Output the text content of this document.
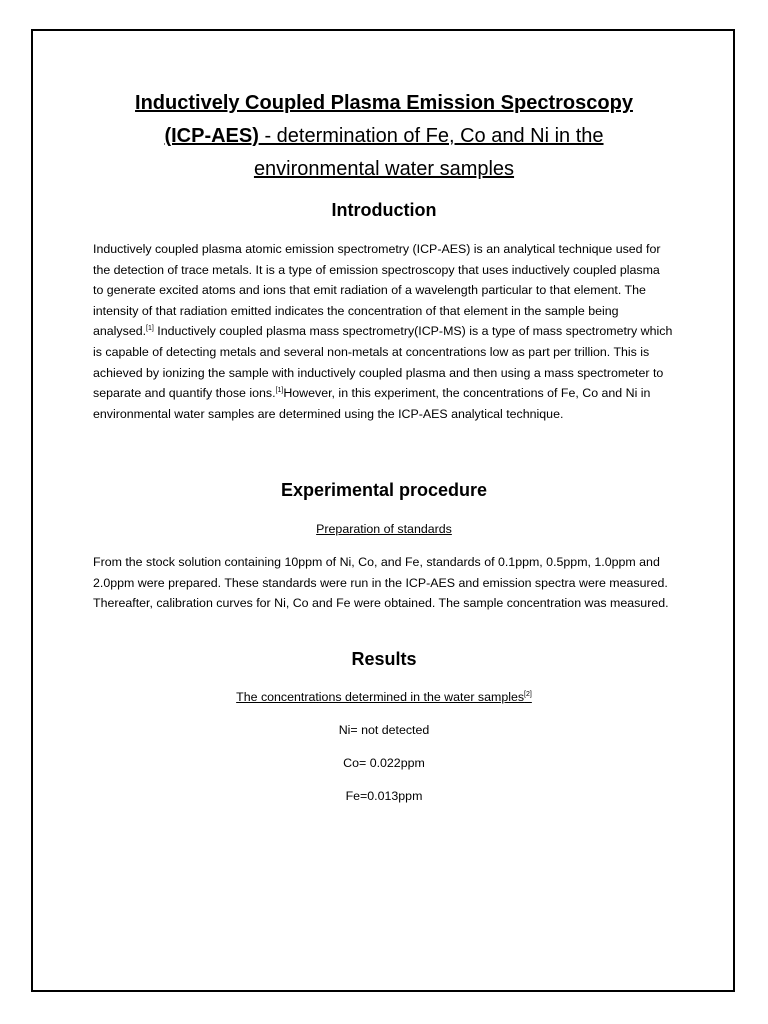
Inductively Coupled Plasma Emission Spectroscopy
(ICP-AES) - determination of Fe, Co and Ni in the
environmental water samples
Introduction

Inductively coupled plasma atomic emission spectrometry (ICP-AES) is an analytical technique used for the detection of trace metals. It is a type of emission spectroscopy that uses inductively coupled plasma to generate excited atoms and ions that emit radiation of a wavelength particular to that element. The intensity of that radiation emitted indicates the concentration of that element in the sample being analysed.[1] Inductively coupled plasma mass spectrometry(ICP-MS) is a type of mass spectrometry which is capable of detecting metals and several non-metals at concentrations low as part per trillion. This is achieved by ionizing the sample with inductively coupled plasma and then using a mass spectrometer to separate and quantify those ions.[1]However, in this experiment, the concentrations of Fe, Co and Ni in environmental water samples are determined using the ICP-AES analytical technique.

Experimental procedure

Preparation of standards

From the stock solution containing 10ppm of Ni, Co, and Fe, standards of 0.1ppm, 0.5ppm, 1.0ppm and 2.0ppm were prepared. These standards were run in the ICP-AES and emission spectra were measured. Thereafter, calibration curves for Ni, Co and Fe were obtained. The sample concentration was measured.

Results

The concentrations determined in the water samples[2]

Ni= not detected

Co= 0.022ppm

Fe=0.013ppm
